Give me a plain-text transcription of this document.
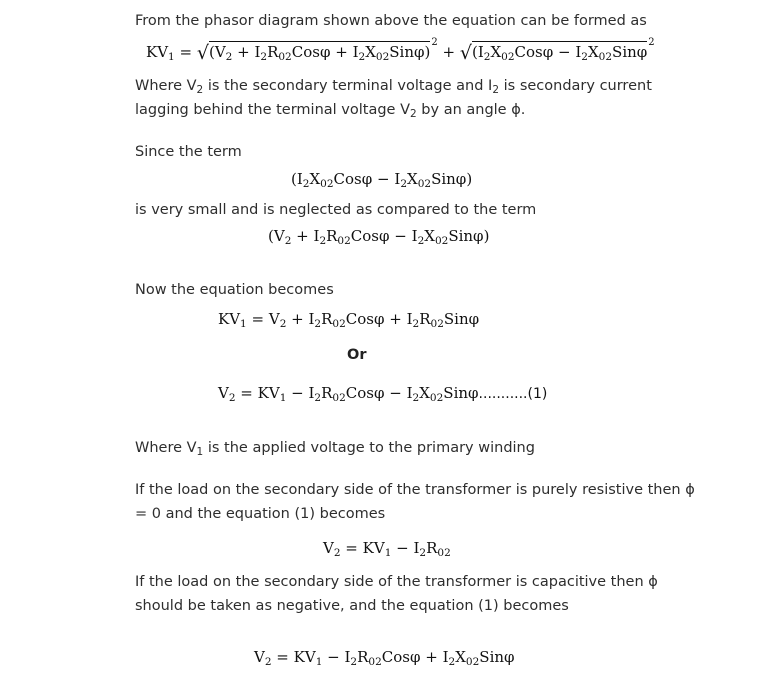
From the phasor diagram shown above the equation can be formed as
$KV_1 = √(V_2 + I_2R_{02}Cos\varphi + I_2X_{02}Sin\varphi)^2 + √(I_2X_{02}Cos\varphi - I_2X_{02}Sin\varphi^2$
Where $V_2$ is the secondary terminal voltage and $I_2$ is secondary current
lagging behind the terminal voltage $V_2$ by an angle ϕ.
Since the term
$(I_2X_{02}Cos\varphi - I_2X_{02}Sin\varphi)$
is very small and is neglected as compared to the term
$(V_2 + I_2R_{02}Cos\varphi - I_2X_{02}Sin\varphi)$
Now the equation becomes
$KV_1 = V_2 + I_2R_{02}Cos\varphi + I_2R_{02}Sin\varphi$
Or
$V_2 = KV_1 - I_2R_{02}Cos\varphi - I_2X_{02}Sin\varphi...........(1)$
Where $V_1$ is the applied voltage to the primary winding
If the load on the secondary side of the transformer is purely resistive then ϕ
= 0 and the equation (1) becomes
$V_2 = KV_1 - I_2R_{02}$
If the load on the secondary side of the transformer is capacitive then ϕ
should be taken as negative, and the equation (1) becomes
$V_2 = KV_1 - I_2R_{02}Cos\varphi + I_2X_{02}Sin\varphi$
